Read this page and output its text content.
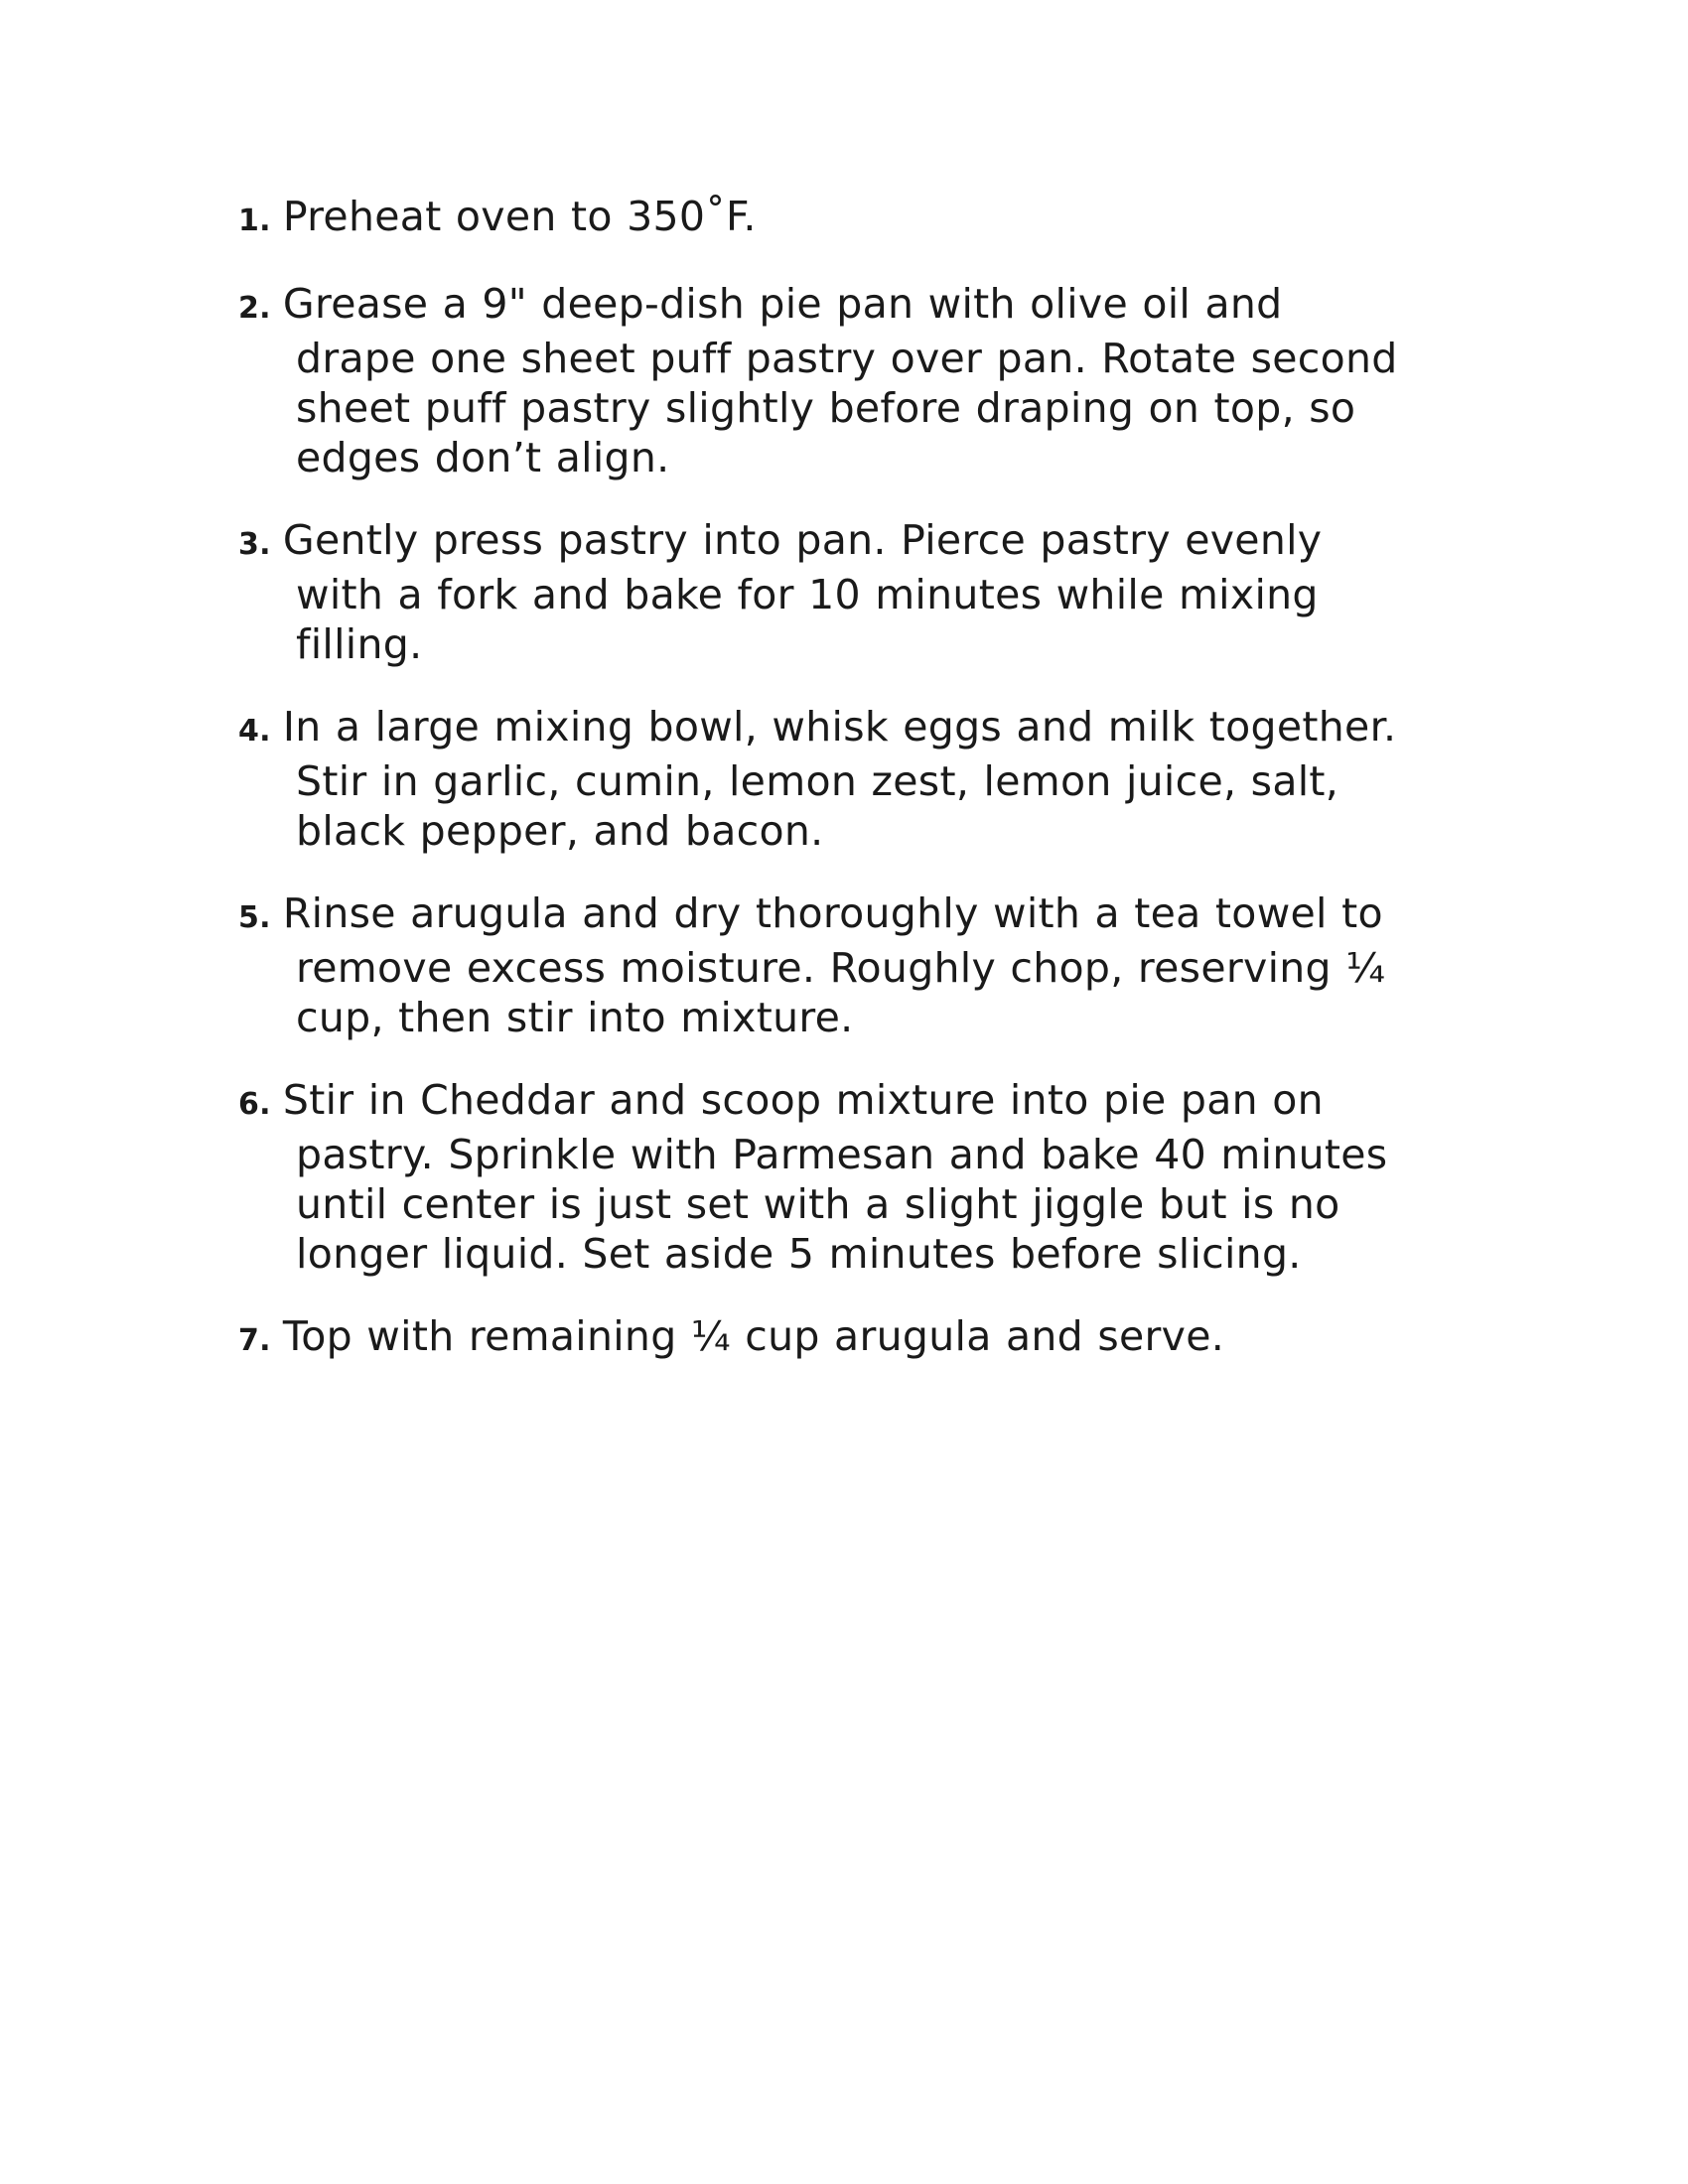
1. Preheat oven to 350˚F.
2. Grease a 9" deep-dish pie pan with olive oil and
drape one sheet puff pastry over pan. Rotate second
sheet puff pastry slightly before draping on top, so
edges don’t align.
3. Gently press pastry into pan. Pierce pastry evenly
with a fork and bake for 10 minutes while mixing
filling.
4. In a large mixing bowl, whisk eggs and milk together.
Stir in garlic, cumin, lemon zest, lemon juice, salt,
black pepper, and bacon.
5. Rinse arugula and dry thoroughly with a tea towel to
remove excess moisture. Roughly chop, reserving ¼
cup, then stir into mixture.
6. Stir in Cheddar and scoop mixture into pie pan on
pastry. Sprinkle with Parmesan and bake 40 minutes
until center is just set with a slight jiggle but is no
longer liquid. Set aside 5 minutes before slicing.
7. Top with remaining ¼ cup arugula and serve.
